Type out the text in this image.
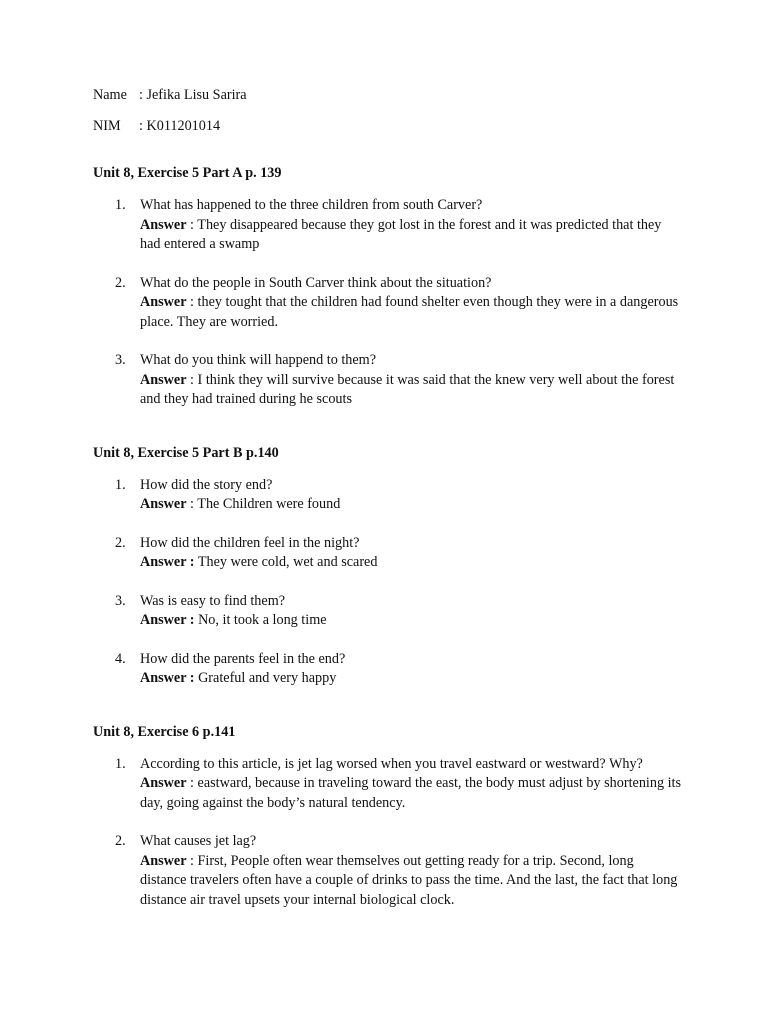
Name : Jefika Lisu Sarira
NIM	: K011201014
Unit 8, Exercise 5 Part A p. 139
1. What has happened to the three children from south Carver?
Answer : They disappeared because they got lost in the forest and it was predicted that they had entered a swamp
2. What do the people in South Carver think about the situation?
Answer : they tought that the children had found shelter even though they were in a dangerous place. They are worried.
3. What do you think will happend to them?
Answer : I think they will survive because it was said that the knew very well about the forest and they had trained during he scouts
Unit 8, Exercise 5 Part B p.140
1. How did the story end?
Answer : The Children were found
2. How did the children feel in the night?
Answer : They were cold, wet and scared
3. Was is easy to find them?
Answer : No, it took a long time
4. How did the parents feel in the end?
Answer : Grateful and very happy
Unit 8, Exercise 6 p.141
1. According to this article, is jet lag worsed when you travel eastward or westward? Why?
Answer : eastward, because in traveling toward the east, the body must adjust by shortening its day, going against the body’s natural tendency.
2. What causes jet lag?
Answer : First, People often wear themselves out getting ready for a trip. Second, long distance travelers often have a couple of drinks to pass the time. And the last, the fact that long distance air travel upsets your internal biological clock.
